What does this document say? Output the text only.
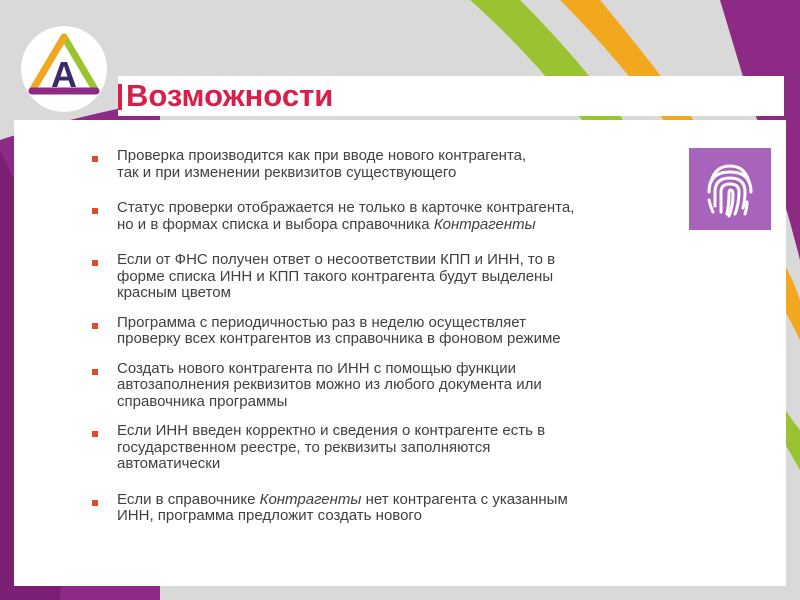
A
Возможности
Проверка производится как при вводе нового контрагента,
так и при изменении реквизитов существующего
Статус проверки отображается не только в карточке контрагента,
но и в формах списка и выбора справочника Контрагенты
Если от ФНС получен ответ о несоответствии КПП и ИНН, то в
форме списка ИНН и КПП такого контрагента будут выделены
красным цветом
Программа с периодичностью раз в неделю осуществляет
проверку всех контрагентов из справочника в фоновом режиме
Создать нового контрагента по ИНН с помощью функции
автозаполнения реквизитов можно из любого документа или
справочника программы
Если ИНН введен корректно и сведения о контрагенте есть в
государственном реестре, то реквизиты заполняются
автоматически
Если в справочнике Контрагенты нет контрагента с указанным
ИНН, программа предложит создать нового
